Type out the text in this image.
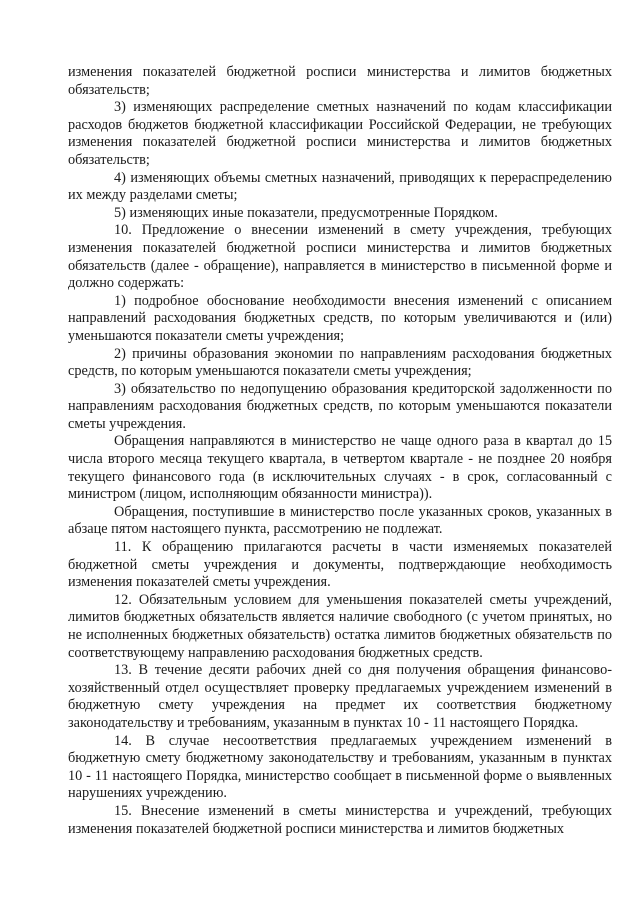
изменения показателей бюджетной росписи министерства и лимитов бюджетных обязательств;

3) изменяющих распределение сметных назначений по кодам классификации расходов бюджетов бюджетной классификации Российской Федерации, не требующих изменения показателей бюджетной росписи министерства и лимитов бюджетных обязательств;

4) изменяющих объемы сметных назначений, приводящих к перераспределению их между разделами сметы;

5) изменяющих иные показатели, предусмотренные Порядком.

10. Предложение о внесении изменений в смету учреждения, требующих изменения показателей бюджетной росписи министерства и лимитов бюджетных обязательств (далее - обращение), направляется в министерство в письменной форме и должно содержать:

1) подробное обоснование необходимости внесения изменений с описанием направлений расходования бюджетных средств, по которым увеличиваются и (или) уменьшаются показатели сметы учреждения;

2) причины образования экономии по направлениям расходования бюджетных средств, по которым уменьшаются показатели сметы учреждения;

3) обязательство по недопущению образования кредиторской задолженности по направлениям расходования бюджетных средств, по которым уменьшаются показатели сметы учреждения.

Обращения направляются в министерство не чаще одного раза в квартал до 15 числа второго месяца текущего квартала, в четвертом квартале - не позднее 20 ноября текущего финансового года (в исключительных случаях - в срок, согласованный с министром (лицом, исполняющим обязанности министра)).

Обращения, поступившие в министерство после указанных сроков, указанных в абзаце пятом настоящего пункта, рассмотрению не подлежат.

11. К обращению прилагаются расчеты в части изменяемых показателей бюджетной сметы учреждения и документы, подтверждающие необходимость изменения показателей сметы учреждения.

12. Обязательным условием для уменьшения показателей сметы учреждений, лимитов бюджетных обязательств является наличие свободного (с учетом принятых, но не исполненных бюджетных обязательств) остатка лимитов бюджетных обязательств по соответствующему направлению расходования бюджетных средств.

13. В течение десяти рабочих дней со дня получения обращения финансово-хозяйственный отдел осуществляет проверку предлагаемых учреждением изменений в бюджетную смету учреждения на предмет их соответствия бюджетному законодательству и требованиям, указанным в пунктах 10 - 11 настоящего Порядка.

14. В случае несоответствия предлагаемых учреждением изменений в бюджетную смету бюджетному законодательству и требованиям, указанным в пунктах 10 - 11 настоящего Порядка, министерство сообщает в письменной форме о выявленных нарушениях учреждению.

15. Внесение изменений в сметы министерства и учреждений, требующих изменения показателей бюджетной росписи министерства и лимитов бюджетных
